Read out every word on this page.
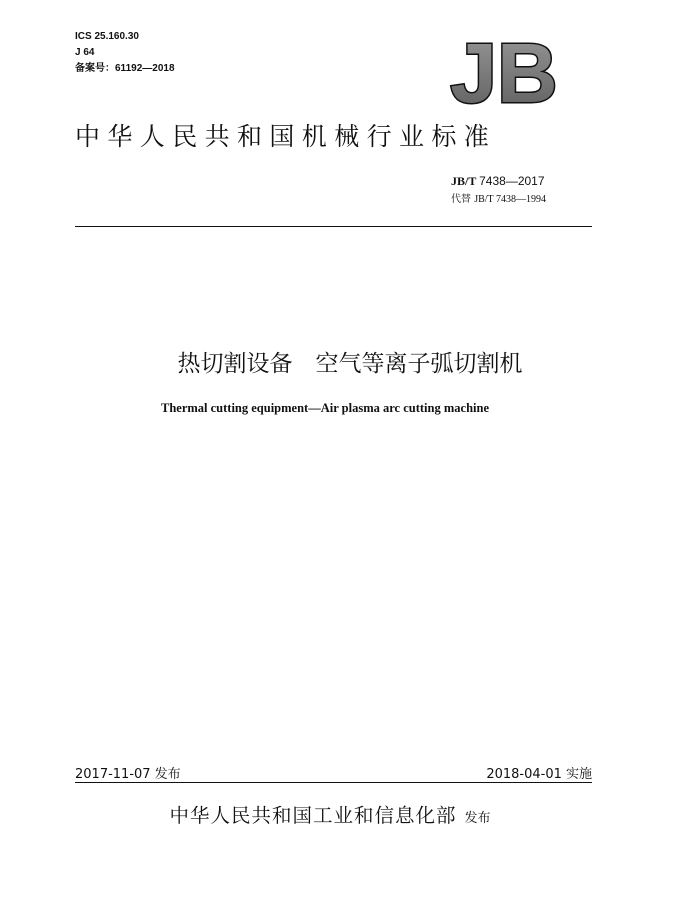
ICS 25.160.30
J 64
备案号：61192—2018	JB
中华人民共和国机械行业标准
JB/T 7438—2017
代替 JB/T 7438—1994
热切割设备　空气等离子弧切割机
Thermal cutting equipment—Air plasma arc cutting machine
2017-11-07 发布	2018-04-01 实施
中华人民共和国工业和信息化部 发布
